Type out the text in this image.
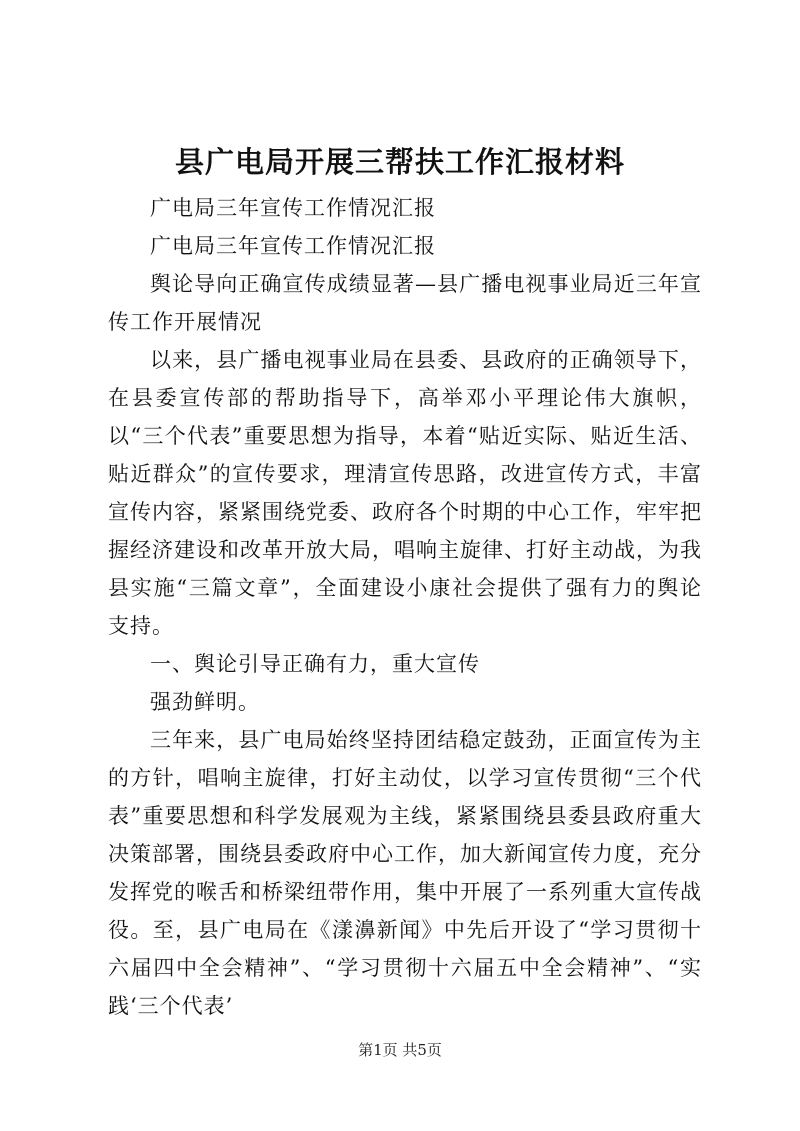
县广电局开展三帮扶工作汇报材料

广电局三年宣传工作情况汇报

广电局三年宣传工作情况汇报

舆论导向正确宣传成绩显著—县广播电视事业局近三年宣传工作开展情况

以来，县广播电视事业局在县委、县政府的正确领导下，在县委宣传部的帮助指导下，高举邓小平理论伟大旗帜，以“三个代表”重要思想为指导，本着“贴近实际、贴近生活、贴近群众”的宣传要求，理清宣传思路，改进宣传方式，丰富宣传内容，紧紧围绕党委、政府各个时期的中心工作，牢牢把握经济建设和改革开放大局，唱响主旋律、打好主动战，为我县实施“三篇文章”，全面建设小康社会提供了强有力的舆论支持。

一、舆论引导正确有力，重大宣传

强劲鲜明。

三年来，县广电局始终坚持团结稳定鼓劲，正面宣传为主的方针，唱响主旋律，打好主动仗，以学习宣传贯彻“三个代表”重要思想和科学发展观为主线，紧紧围绕县委县政府重大决策部署，围绕县委政府中心工作，加大新闻宣传力度，充分发挥党的喉舌和桥梁纽带作用，集中开展了一系列重大宣传战役。至，县广电局在《漾濞新闻》中先后开设了“学习贯彻十六届四中全会精神”、“学习贯彻十六届五中全会精神”、“实践‘三个代表’

第1页 共5页
